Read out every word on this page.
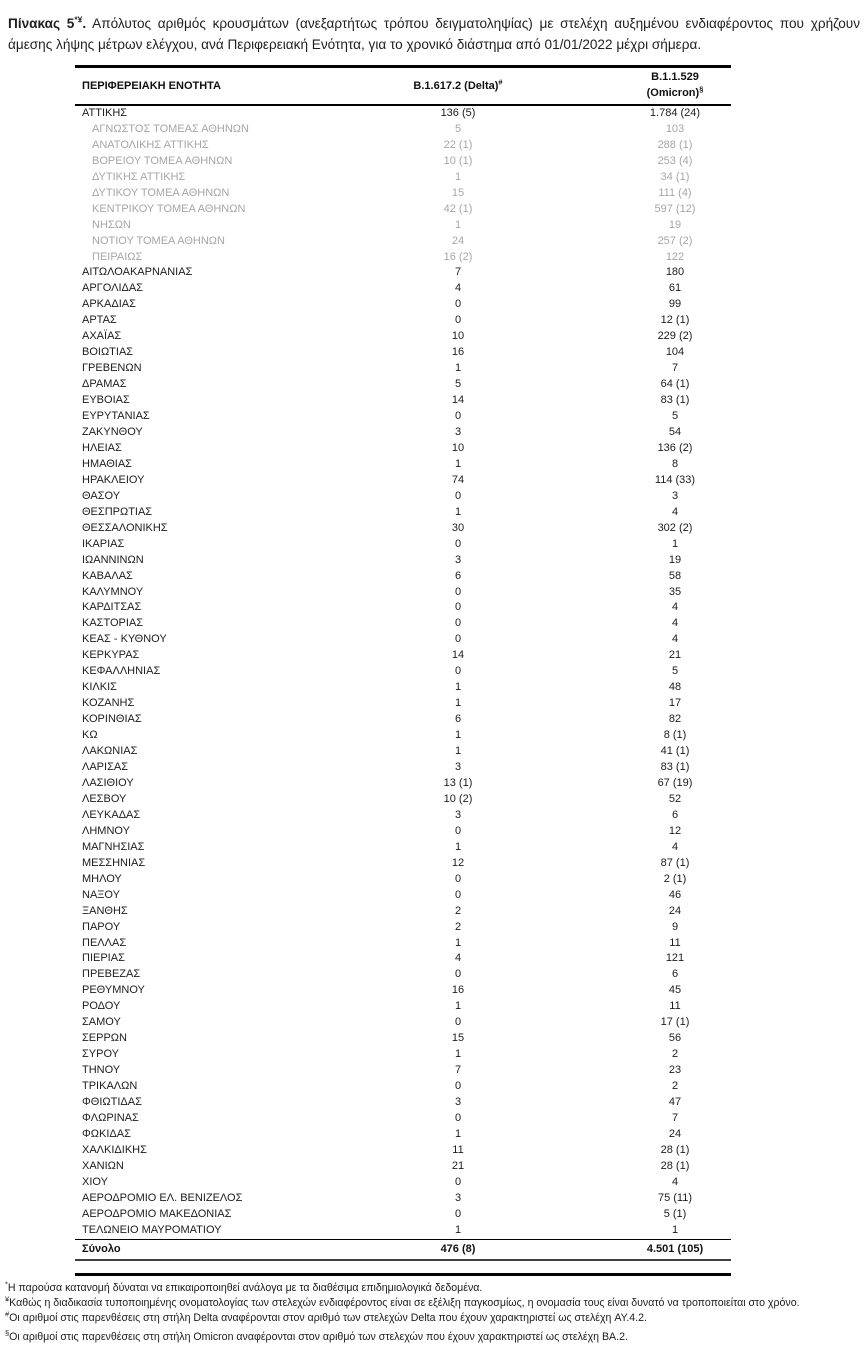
Πίνακας 5*¥. Απόλυτος αριθμός κρουσμάτων (ανεξαρτήτως τρόπου δειγματοληψίας) με στελέχη αυξημένου ενδιαφέροντος που χρήζουν άμεσης λήψης μέτρων ελέγχου, ανά Περιφερειακή Ενότητα, για το χρονικό διάστημα από 01/01/2022 μέχρι σήμερα.

ΠΕΡΙΦΕΡΕΙΑΚΗ ΕΝΟΤΗΤΑ	B.1.617.2 (Delta)#	B.1.1.529
(Omicron)§

ΑΤΤΙΚΗΣ	136 (5)	1.784 (24)
ΑΓΝΩΣΤΟΣ ΤΟΜΕΑΣ ΑΘΗΝΩΝ	5	103
ΑΝΑΤΟΛΙΚΗΣ ΑΤΤΙΚΗΣ	22 (1)	288 (1)
ΒΟΡΕΙΟΥ ΤΟΜΕΑ ΑΘΗΝΩΝ	10 (1)	253 (4)
ΔΥΤΙΚΗΣ ΑΤΤΙΚΗΣ	1	34 (1)
ΔΥΤΙΚΟΥ ΤΟΜΕΑ ΑΘΗΝΩΝ	15	111 (4)
ΚΕΝΤΡΙΚΟΥ ΤΟΜΕΑ ΑΘΗΝΩΝ	42 (1)	597 (12)
ΝΗΣΩΝ	1	19
ΝΟΤΙΟΥ ΤΟΜΕΑ ΑΘΗΝΩΝ	24	257 (2)
ΠΕΙΡΑΙΩΣ	16 (2)	122
ΑΙΤΩΛΟΑΚΑΡΝΑΝΙΑΣ	7	180
ΑΡΓΟΛΙΔΑΣ	4	61
ΑΡΚΑΔΙΑΣ	0	99
ΑΡΤΑΣ	0	12 (1)
ΑΧΑΪΑΣ	10	229 (2)
ΒΟΙΩΤΙΑΣ	16	104
ΓΡΕΒΕΝΩΝ	1	7
ΔΡΑΜΑΣ	5	64 (1)
ΕΥΒΟΙΑΣ	14	83 (1)
ΕΥΡΥΤΑΝΙΑΣ	0	5
ΖΑΚΥΝΘΟΥ	3	54
ΗΛΕΙΑΣ	10	136 (2)
ΗΜΑΘΙΑΣ	1	8
ΗΡΑΚΛΕΙΟΥ	74	114 (33)
ΘΑΣΟΥ	0	3
ΘΕΣΠΡΩΤΙΑΣ	1	4
ΘΕΣΣΑΛΟΝΙΚΗΣ	30	302 (2)
ΙΚΑΡΙΑΣ	0	1
ΙΩΑΝΝΙΝΩΝ	3	19
ΚΑΒΑΛΑΣ	6	58
ΚΑΛΥΜΝΟΥ	0	35
ΚΑΡΔΙΤΣΑΣ	0	4
ΚΑΣΤΟΡΙΑΣ	0	4
ΚΕΑΣ - ΚΥΘΝΟΥ	0	4
ΚΕΡΚΥΡΑΣ	14	21
ΚΕΦΑΛΛΗΝΙΑΣ	0	5
ΚΙΛΚΙΣ	1	48
ΚΟΖΑΝΗΣ	1	17
ΚΟΡΙΝΘΙΑΣ	6	82
ΚΩ	1	8 (1)
ΛΑΚΩΝΙΑΣ	1	41 (1)
ΛΑΡΙΣΑΣ	3	83 (1)
ΛΑΣΙΘΙΟΥ	13 (1)	67 (19)
ΛΕΣΒΟΥ	10 (2)	52
ΛΕΥΚΑΔΑΣ	3	6
ΛΗΜΝΟΥ	0	12
ΜΑΓΝΗΣΙΑΣ	1	4
ΜΕΣΣΗΝΙΑΣ	12	87 (1)
ΜΗΛΟΥ	0	2 (1)
ΝΑΞΟΥ	0	46
ΞΑΝΘΗΣ	2	24
ΠΑΡΟΥ	2	9
ΠΕΛΛΑΣ	1	11
ΠΙΕΡΙΑΣ	4	121
ΠΡΕΒΕΖΑΣ	0	6
ΡΕΘΥΜΝΟΥ	16	45
ΡΟΔΟΥ	1	11
ΣΑΜΟΥ	0	17 (1)
ΣΕΡΡΩΝ	15	56
ΣΥΡΟΥ	1	2
ΤΗΝΟΥ	7	23
ΤΡΙΚΑΛΩΝ	0	2
ΦΘΙΩΤΙΔΑΣ	3	47
ΦΛΩΡΙΝΑΣ	0	7
ΦΩΚΙΔΑΣ	1	24
ΧΑΛΚΙΔΙΚΗΣ	11	28 (1)
ΧΑΝΙΩΝ	21	28 (1)
ΧΙΟΥ	0	4
ΑΕΡΟΔΡΟΜΙΟ ΕΛ. ΒΕΝΙΖΕΛΟΣ	3	75 (11)
ΑΕΡΟΔΡΟΜΙΟ ΜΑΚΕΔΟΝΙΑΣ	0	5 (1)
ΤΕΛΩΝΕΙΟ ΜΑΥΡΟΜΑΤΙΟΥ	1	1
Σύνολο	476 (8)	4.501 (105)

*Η παρούσα κατανομή δύναται να επικαιροποιηθεί ανάλογα με τα διαθέσιμα επιδημιολογικά δεδομένα.

¥Καθώς η διαδικασία τυποποιημένης ονοματολογίας των στελεχών ενδιαφέροντος είναι σε εξέλιξη παγκοσμίως, η ονομασία τους είναι δυνατό να τροποποιείται στο χρόνο.

#Οι αριθμοί στις παρενθέσεις στη στήλη Delta αναφέρονται στον αριθμό των στελεχών Delta που έχουν χαρακτηριστεί ως στελέχη AY.4.2.

§Οι αριθμοί στις παρενθέσεις στη στήλη Omicron αναφέρονται στον αριθμό των στελεχών που έχουν χαρακτηριστεί ως στελέχη BA.2.
